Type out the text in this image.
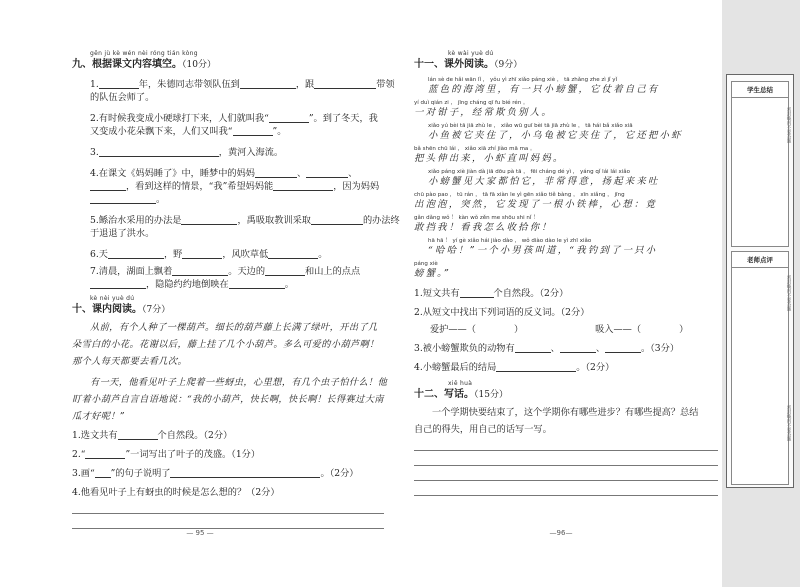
gēn jù kè wén nèi róng tián kòng
九、根据课文内容填空。（10分）
1.	年，朱德同志带领队伍到	，跟	带领
的队伍会师了。
2.有时候我变成小硬球打下来，人们就叫我“	”。到了冬天，我
又变成小花朵飘下来，人们又叫我“	”。
3.	，黄河入海流。
4.在课文《妈妈睡了》中，睡梦中的妈妈	、	、
，看到这样的情景，“我”希望妈妈能	，因为妈妈
。
5.鲧治水采用的办法是	，禹吸取教训采取	的办法终
于退退了洪水。
6.天	，野	，风吹草低	。
7.清晨，湖面上飘着	。天边的	和山上的点点
，隐隐约约地倒映在	。
kè nèi yuè dú
十、课内阅读。（7分）
从前，有个人种了一棵葫芦。细长的葫芦藤上长满了绿叶，开出了几
朵雪白的小花。花谢以后，藤上挂了几个小葫芦。多么可爱的小葫芦啊！
那个人每天都要去看几次。
有一天，他看见叶子上爬着一些蚜虫，心里想，有几个虫子怕什么！他
盯着小葫芦自言自语地说：“我的小葫芦，快长啊，快长啊！长得赛过大南
瓜才好呢！”
1.选文共有	个自然段。（2分）
2.“	”一词写出了叶子的茂盛。（1分）
3.画“ ”的句子说明了	。（2分）
4.他看见叶子上有蚜虫的时候是怎么想的？（2分）
— 95 —
kè wài yuè dú
十一、课外阅读。（9分）
lán sè de hǎi wān lǐ ， yǒu yì zhī xiǎo páng xiè ， tā zhǎng zhe zì jǐ yǐ
蓝色的海湾里，有一只小螃蟹，它仗着自己有
yí duì qián zi ， jīng cháng qī fu bié rén 。
一对钳子，经常欺负别人。
xiǎo yú bèi tā jiā zhù le ， xiǎo wū guī bèi tā jiā zhù le ， tā hái bǎ xiǎo xiā
小鱼被它夹住了，小乌龟被它夹住了，它还把小虾
bǎ shēn chū lái ， xiǎo xiā zhí jiào mā ma 。
把头伸出来，小虾直叫妈妈。
xiǎo páng xiè jiàn dà jiā dōu pà tā ， fēi cháng dé yì ， yáng qǐ lái lái xiǎo
小螃蟹见大家都怕它，非常得意，扬起来来吐
chū pào pao ， tū rán ， tā fā xiàn le yì gēn xiǎo tiě bàng ， xīn xiǎng ， jīng
出泡泡，突然，它发现了一根小铁棒，心想：竟
gǎn dǎng wǒ ！ kàn wǒ zěn me shōu shi nǐ ！
敢挡我！看我怎么收拾你！
hā hā ！ yí gè xiǎo hái jiào dào ， wǒ diào dào le yì zhī xiǎo
“哈哈！”一个小男孩叫道，“我钓到了一只小
páng xiè
螃蟹。”
1.短文共有	个自然段。（2分）
2.从短文中找出下列词语的反义词。（2分）
爱护——（	）	吸入——（	）
3.被小螃蟹欺负的动物有	、	、	。（3分）
4.小螃蟹最后的结局	。（2分）
xiě huà
十二、写话。（15分）
一个学期快要结束了，这个学期你有哪些进步？有哪些提高？总结
自己的得失，用自己的话写一写。
—96—
学生总结
密封线内不要答题
老师点评
密封线内不要答题
密封线内不要答题
